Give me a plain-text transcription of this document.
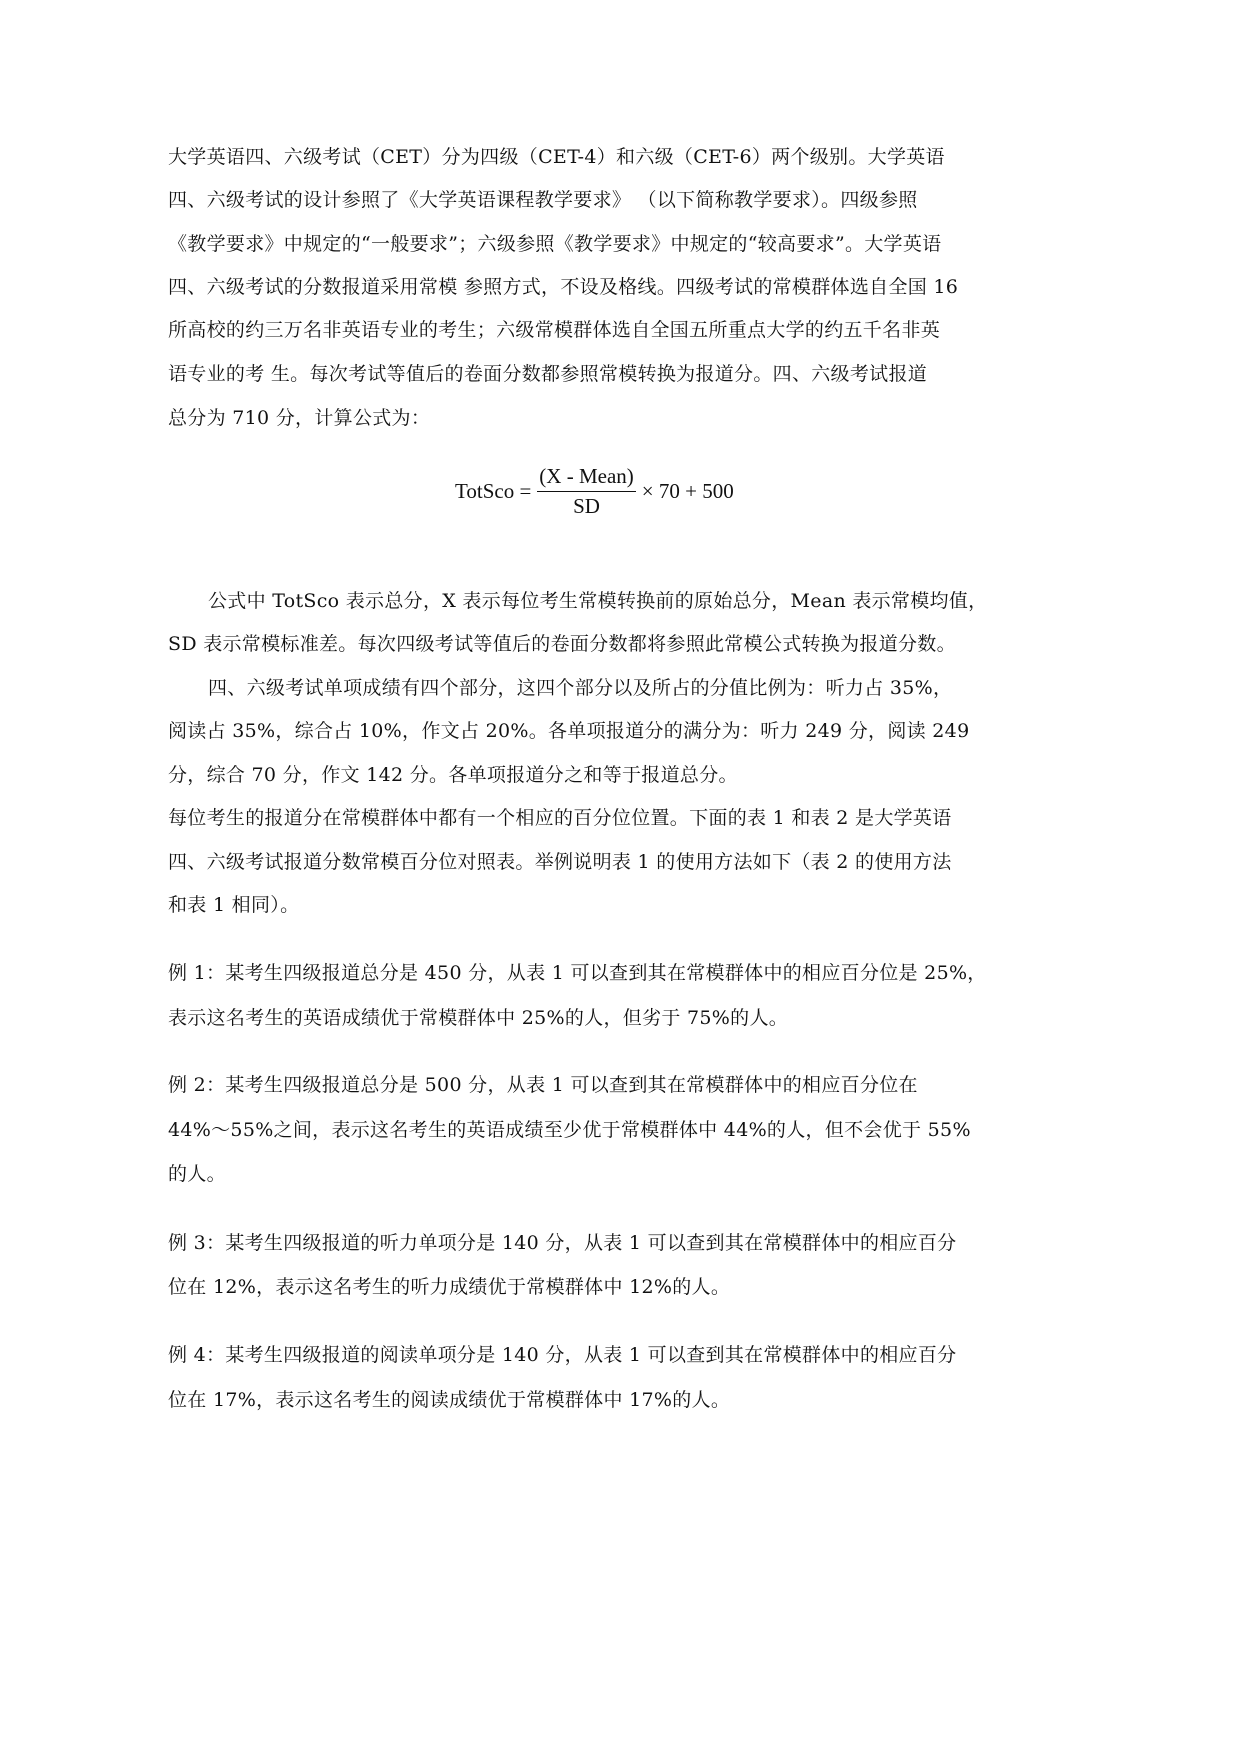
大学英语四、六级考试（CET）分为四级（CET-4）和六级（CET-6）两个级别。大学英语
四、六级考试的设计参照了《大学英语课程教学要求》 （以下简称教学要求）。四级参照
《教学要求》中规定的“一般要求”；六级参照《教学要求》中规定的“较高要求”。大学英语
四、六级考试的分数报道采用常模 参照方式，不设及格线。四级考试的常模群体选自全国 16
所高校的约三万名非英语专业的考生；六级常模群体选自全国五所重点大学的约五千名非英
语专业的考 生。每次考试等值后的卷面分数都参照常模转换为报道分。四、六级考试报道
总分为 710 分，计算公式为：
TotSco = $\frac{\text{(X - Mean)}}{SD} \times 70 + 500$
公式中 TotSco 表示总分，X 表示每位考生常模转换前的原始总分，Mean 表示常模均值，
SD 表示常模标准差。每次四级考试等值后的卷面分数都将参照此常模公式转换为报道分数。
四、六级考试单项成绩有四个部分，这四个部分以及所占的分值比例为：听力占 35%，
阅读占 35%，综合占 10%，作文占 20%。各单项报道分的满分为：听力 249 分，阅读 249
分，综合 70 分，作文 142 分。各单项报道分之和等于报道总分。
每位考生的报道分在常模群体中都有一个相应的百分位位置。下面的表 1 和表 2 是大学英语
四、六级考试报道分数常模百分位对照表。举例说明表 1 的使用方法如下（表 2 的使用方法
和表 1 相同）。
例 1：某考生四级报道总分是 450 分，从表 1 可以查到其在常模群体中的相应百分位是 25%，
表示这名考生的英语成绩优于常模群体中 25%的人，但劣于 75%的人。
例 2：某考生四级报道总分是 500 分，从表 1 可以查到其在常模群体中的相应百分位在
44%～55%之间，表示这名考生的英语成绩至少优于常模群体中 44%的人，但不会优于 55%
的人。
例 3：某考生四级报道的听力单项分是 140 分，从表 1 可以查到其在常模群体中的相应百分
位在 12%，表示这名考生的听力成绩优于常模群体中 12%的人。
例 4：某考生四级报道的阅读单项分是 140 分，从表 1 可以查到其在常模群体中的相应百分
位在 17%，表示这名考生的阅读成绩优于常模群体中 17%的人。
